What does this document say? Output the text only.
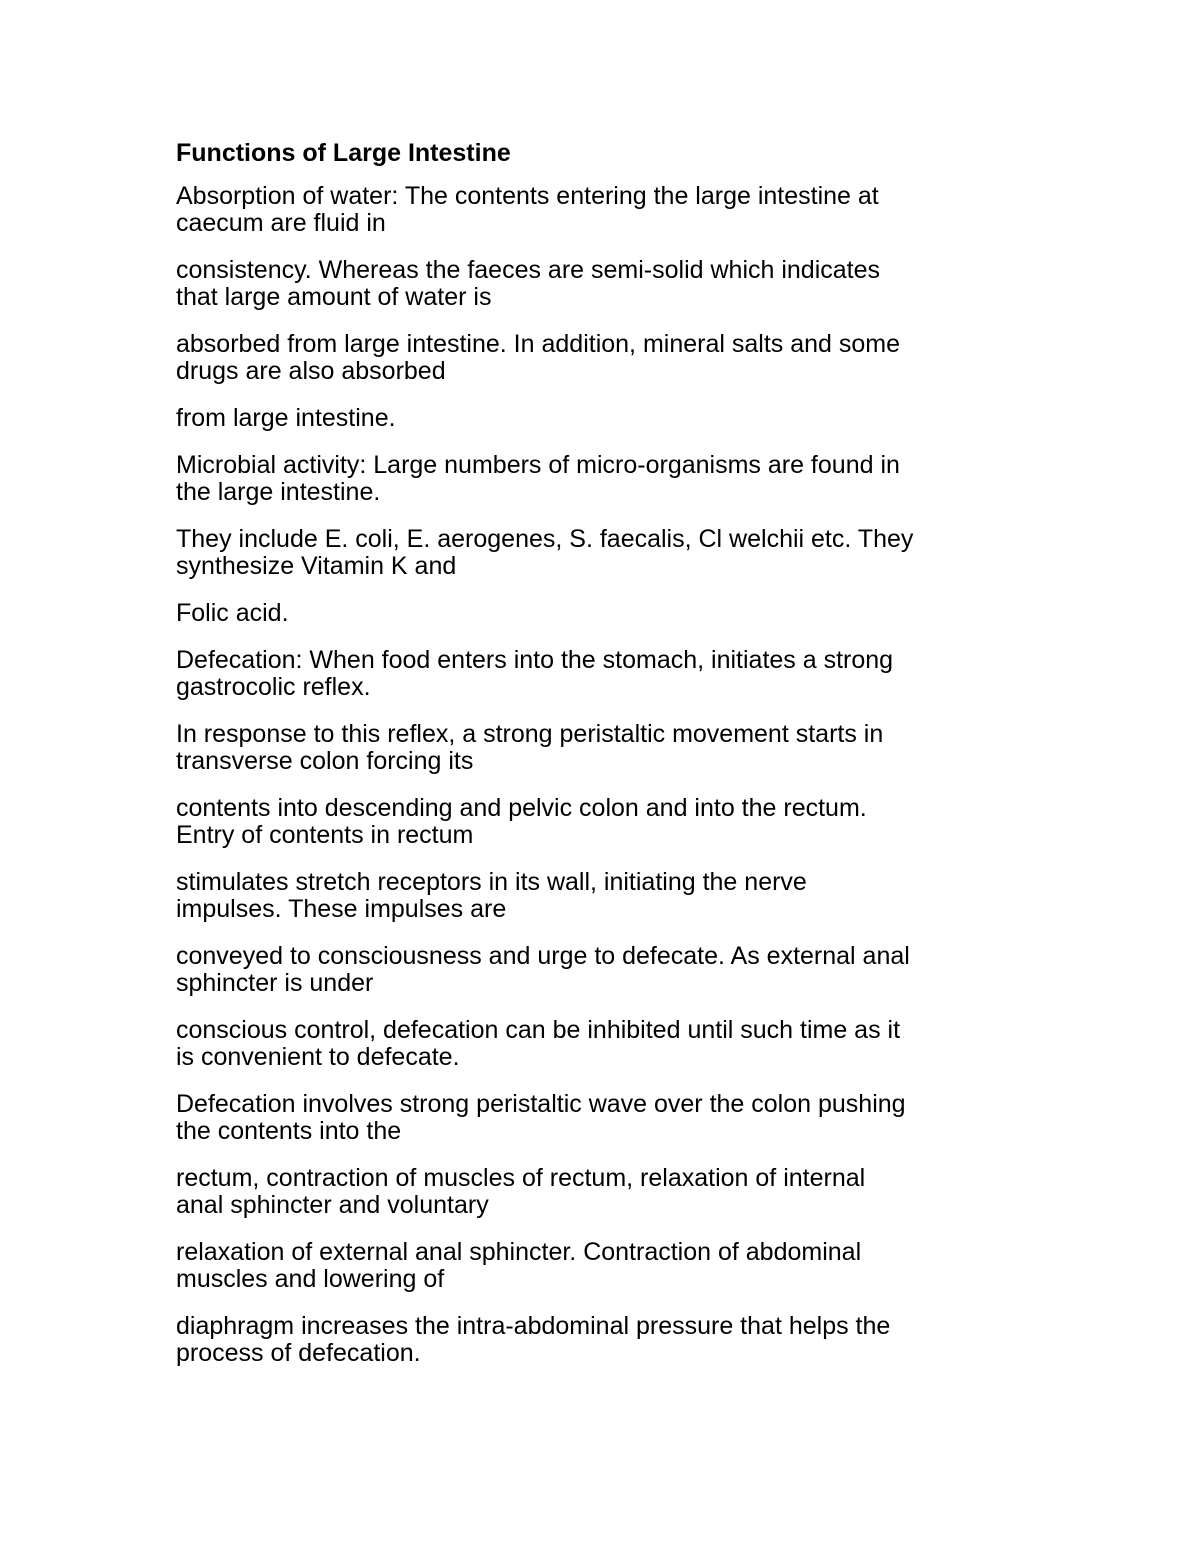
Functions of Large Intestine

Absorption of water: The contents entering the large intestine at
caecum are fluid in

consistency. Whereas the faeces are semi-solid which indicates
that large amount of water is

absorbed from large intestine. In addition, mineral salts and some
drugs are also absorbed

from large intestine.

Microbial activity: Large numbers of micro-organisms are found in
the large intestine.

They include E. coli, E. aerogenes, S. faecalis, Cl welchii etc. They
synthesize Vitamin K and

Folic acid.

Defecation: When food enters into the stomach, initiates a strong
gastrocolic reflex.

In response to this reflex, a strong peristaltic movement starts in
transverse colon forcing its

contents into descending and pelvic colon and into the rectum.
Entry of contents in rectum

stimulates stretch receptors in its wall, initiating the nerve
impulses. These impulses are

conveyed to consciousness and urge to defecate. As external anal
sphincter is under

conscious control, defecation can be inhibited until such time as it
is convenient to defecate.

Defecation involves strong peristaltic wave over the colon pushing
the contents into the

rectum, contraction of muscles of rectum, relaxation of internal
anal sphincter and voluntary

relaxation of external anal sphincter. Contraction of abdominal
muscles and lowering of

diaphragm increases the intra-abdominal pressure that helps the
process of defecation.
